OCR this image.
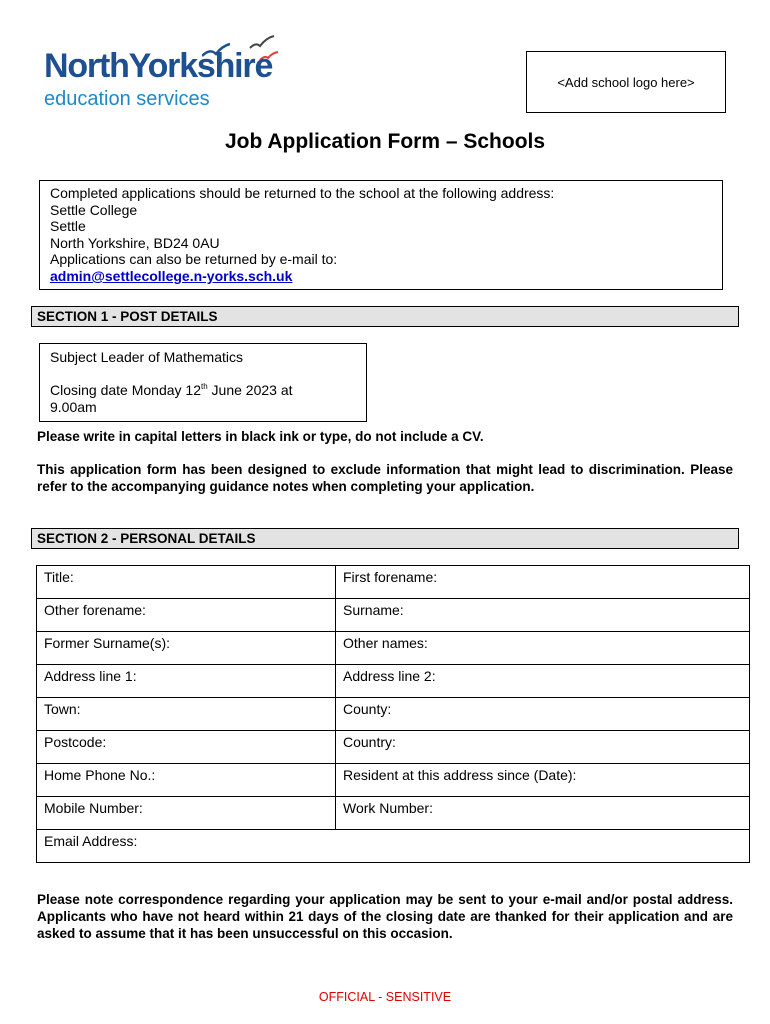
NorthYorkshire
education services
<Add school logo here>
Job Application Form – Schools
Completed applications should be returned to the school at the following address:
Settle College
Settle
North Yorkshire, BD24 0AU
Applications can also be returned by e-mail to:
admin@settlecollege.n-yorks.sch.uk
SECTION 1 - POST DETAILS
Subject Leader of Mathematics
Closing date Monday 12th June 2023 at
9.00am
Please write in capital letters in black ink or type, do not include a CV.
This application form has been designed to exclude information that might lead to discrimination. Please refer to the accompanying guidance notes when completing your application.
SECTION 2 - PERSONAL DETAILS
Title:	First forename:

Other forename:	Surname:

Former Surname(s):	Other names:

Address line 1:	Address line 2:

Town:	County:

Postcode:	Country:

Home Phone No.:	Resident at this address since (Date):

Mobile Number:	Work Number:

Email Address:	
Please note correspondence regarding your application may be sent to your e-mail and/or postal address. Applicants who have not heard within 21 days of the closing date are thanked for their application and are asked to assume that it has been unsuccessful on this occasion.
OFFICIAL - SENSITIVE
